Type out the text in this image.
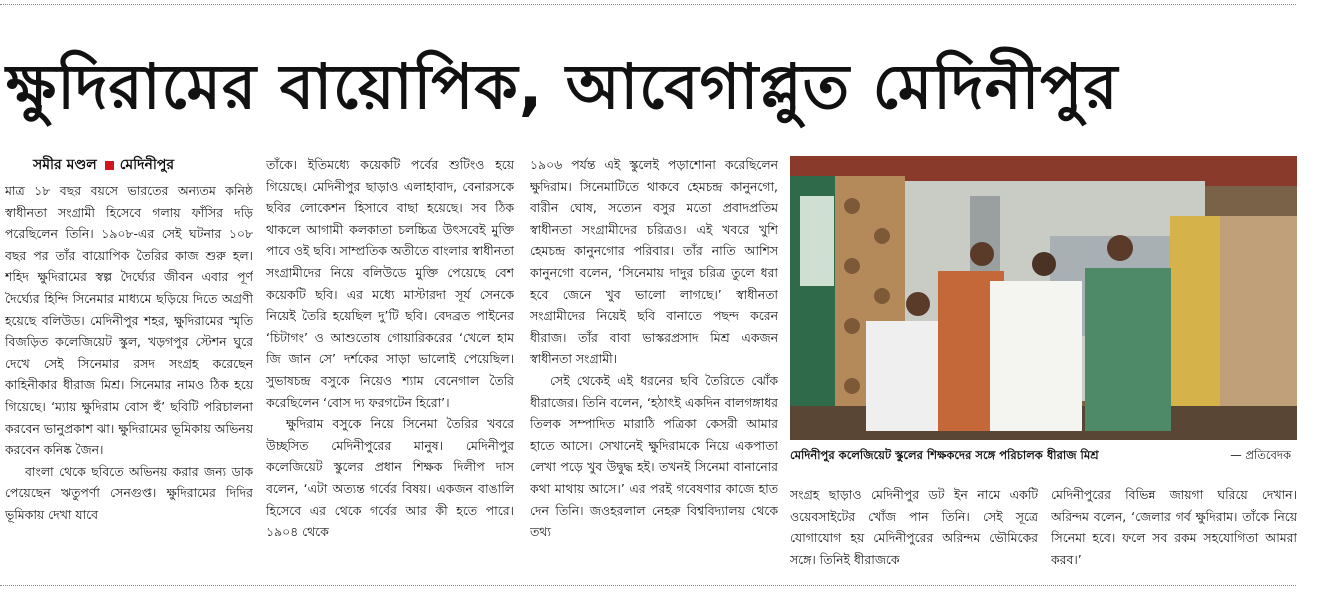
ক্ষুদিরামের বায়োপিক, আবেগাপ্লুত মেদিনীপুর
সমীর মণ্ডল মেদিনীপুর

মাত্র ১৮ বছর বয়সে ভারতের অন্যতম কনিষ্ঠ স্বাধীনতা সংগ্রামী হিসেবে গলায় ফাঁসির দড়ি পরেছিলেন তিনি। ১৯০৮-এর সেই ঘটনার ১০৮ বছর পর তাঁর বায়োপিক তৈরির কাজ শুরু হল। শহিদ ক্ষুদিরামের স্বল্প দৈর্ঘ্যের জীবন এবার পূর্ণ দৈর্ঘ্যের হিন্দি সিনেমার মাধ্যমে ছড়িয়ে দিতে অগ্রণী হয়েছে বলিউড। মেদিনীপুর শহর, ক্ষুদিরামের স্মৃতি বিজড়িত কলেজিয়েট স্কুল, খড়গপুর স্টেশন ঘুরে দেখে সেই সিনেমার রসদ সংগ্রহ করেছেন কাহিনীকার ধীরাজ মিশ্র। সিনেমার নামও ঠিক হয়ে গিয়েছে। ‘ম্যায় ক্ষুদিরাম বোস হুঁ’ ছবিটি পরিচালনা করবেন ভানুপ্রকাশ ঝা। ক্ষুদিরামের ভূমিকায় অভিনয় করবেন কনিষ্ক জৈন।

বাংলা থেকে ছবিতে অভিনয় করার জন্য ডাক পেয়েছেন ঋতুপর্ণা সেনগুপ্ত। ক্ষুদিরামের দিদির ভূমিকায় দেখা যাবে

তাঁকে। ইতিমধ্যে কয়েকটি পর্বের শুটিংও হয়ে গিয়েছে। মেদিনীপুর ছাড়াও এলাহাবাদ, বেনারসকে ছবির লোকেশন হিসাবে বাছা হয়েছে। সব ঠিক থাকলে আগামী কলকাতা চলচ্চিত্র উৎসবেই মুক্তি পাবে ওই ছবি। সাম্প্রতিক অতীতে বাংলার স্বাধীনতা সংগ্রামীদের নিয়ে বলিউডে মুক্তি পেয়েছে বেশ কয়েকটি ছবি। এর মধ্যে মাস্টারদা সূর্য সেনকে নিয়েই তৈরি হয়েছিল দু’টি ছবি। বেদব্রত পাইনের ‘চিটাগং’ ও আশুতোষ গোয়ারিকরের ‘খেলে হাম জি জান সে’ দর্শকের সাড়া ভালোই পেয়েছিল। সুভাষচন্দ্র বসুকে নিয়েও শ্যাম বেনেগাল তৈরি করেছিলেন ‘বোস দ্য ফরগটেন হিরো’।

ক্ষুদিরাম বসুকে নিয়ে সিনেমা তৈরির খবরে উচ্ছসিত মেদিনীপুরের মানুষ। মেদিনীপুর কলেজিয়েট স্কুলের প্রধান শিক্ষক দিলীপ দাস বলেন, ‘এটা অত্যন্ত গর্বের বিষয়। একজন বাঙালি হিসেবে এর থেকে গর্বের আর কী হতে পারে। ১৯০৪ থেকে

১৯০৬ পর্যন্ত এই স্কুলেই পড়াশোনা করেছিলেন ক্ষুদিরাম। সিনেমাটিতে থাকবে হেমচন্দ্র কানুনগো, বারীন ঘোষ, সত্যেন বসুর মতো প্রবাদপ্রতিম স্বাধীনতা সংগ্রামীদের চরিত্রও। এই খবরে খুশি হেমচন্দ্র কানুনগোর পরিবার। তাঁর নাতি আশিস কানুনগো বলেন, ‘সিনেমায় দাদুর চরিত্র তুলে ধরা হবে জেনে খুব ভালো লাগছে।’ স্বাধীনতা সংগ্রামীদের নিয়েই ছবি বানাতে পছন্দ করেন ধীরাজ। তাঁর বাবা ভাস্করপ্রসাদ মিশ্র একজন স্বাধীনতা সংগ্রামী।

সেই থেকেই এই ধরনের ছবি তৈরিতে ঝোঁক ধীরাজের। তিনি বলেন, ‘হঠাৎই একদিন বালগঙ্গাধর তিলক সম্পাদিত মারাঠি পত্রিকা কেসরী আমার হাতে আসে। সেখানেই ক্ষুদিরামকে নিয়ে একপাতা লেখা পড়ে খুব উদ্বুদ্ধ হই। তখনই সিনেমা বানানোর কথা মাথায় আসে।’ এর পরই গবেষণার কাজে হাত দেন তিনি। জওহরলাল নেহরু বিশ্ববিদ্যালয় থেকে তথ্য

মেদিনীপুর কলেজিয়েট স্কুলের শিক্ষকদের সঙ্গে পরিচালক ধীরাজ মিশ্র	— প্রতিবেদক

সংগ্রহ ছাড়াও মেদিনীপুর ডট ইন নামে একটি ওয়েবসাইটের খোঁজ পান তিনি। সেই সূত্রে যোগাযোগ হয় মেদিনীপুরের অরিন্দম ভৌমিকের সঙ্গে। তিনিই ধীরাজকে

মেদিনীপুরের বিভিন্ন জায়গা ঘরিয়ে দেখান। অরিন্দম বলেন, ‘জেলার গর্ব ক্ষুদিরাম। তাঁকে নিয়ে সিনেমা হবে। ফলে সব রকম সহযোগিতা আমরা করব।’
